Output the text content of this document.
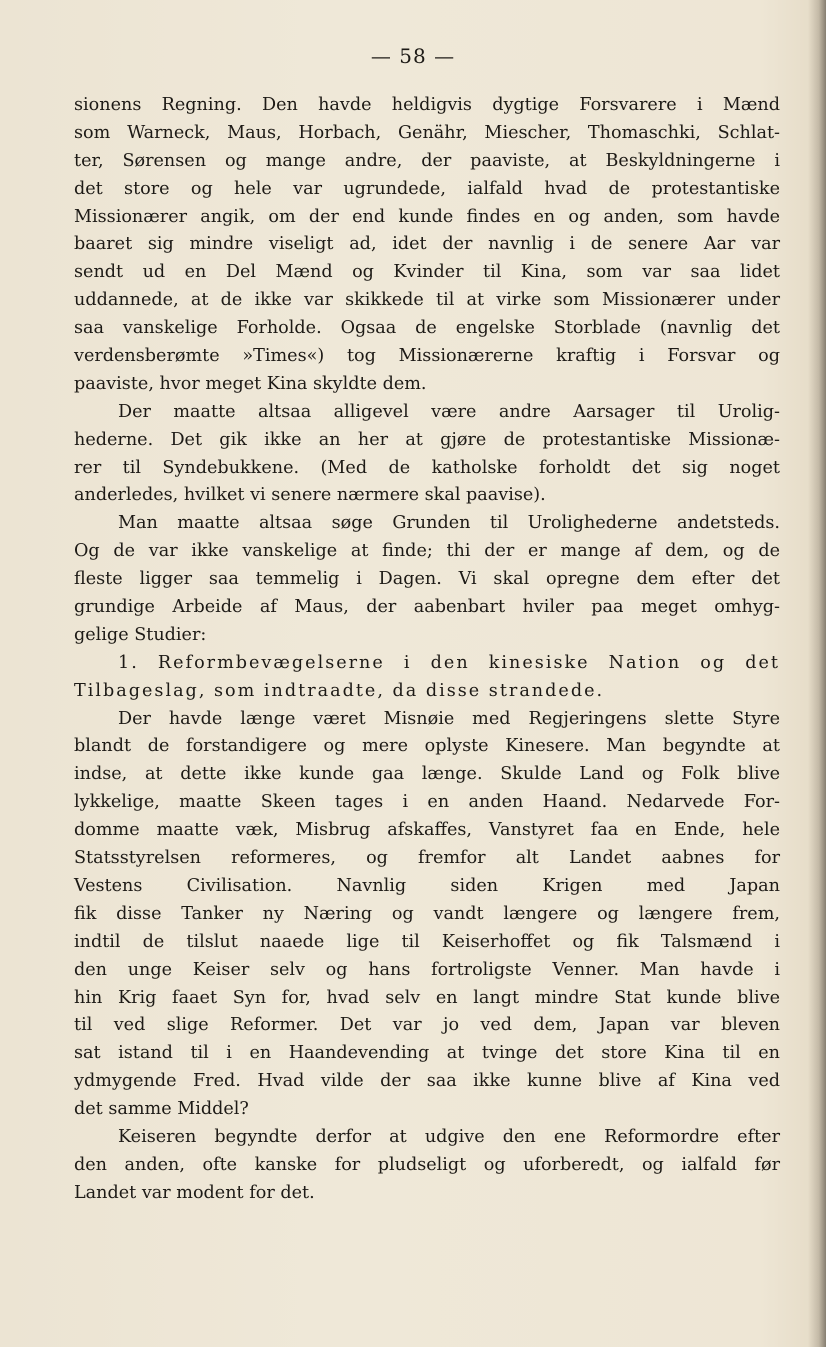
— 58 —
sionens Regning. Den havde heldigvis dygtige Forsvarere i Mænd
som Warneck, Maus, Horbach, Genähr, Miescher, Thomaschki, Schlat-
ter, Sørensen og mange andre, der paaviste, at Beskyldningerne i
det store og hele var ugrundede, ialfald hvad de protestantiske
Missionærer angik, om der end kunde findes en og anden, som havde
baaret sig mindre viseligt ad, idet der navnlig i de senere Aar var
sendt ud en Del Mænd og Kvinder til Kina, som var saa lidet
uddannede, at de ikke var skikkede til at virke som Missionærer under
saa vanskelige Forholde. Ogsaa de engelske Storblade (navnlig det
verdensberømte »Times«) tog Missionærerne kraftig i Forsvar og
paaviste, hvor meget Kina skyldte dem.
Der maatte altsaa alligevel være andre Aarsager til Urolig-
hederne. Det gik ikke an her at gjøre de protestantiske Missionæ-
rer til Syndebukkene. (Med de katholske forholdt det sig noget
anderledes, hvilket vi senere nærmere skal paavise).
Man maatte altsaa søge Grunden til Urolighederne andetsteds.
Og de var ikke vanskelige at finde; thi der er mange af dem, og de
fleste ligger saa temmelig i Dagen. Vi skal opregne dem efter det
grundige Arbeide af Maus, der aabenbart hviler paa meget omhyg-
gelige Studier:
1. Reformbevægelserne i den kinesiske Nation og det
Tilbageslag, som indtraadte, da disse strandede.
Der havde længe været Misnøie med Regjeringens slette Styre
blandt de forstandigere og mere oplyste Kinesere. Man begyndte at
indse, at dette ikke kunde gaa længe. Skulde Land og Folk blive
lykkelige, maatte Skeen tages i en anden Haand. Nedarvede For-
domme maatte væk, Misbrug afskaffes, Vanstyret faa en Ende, hele
Statsstyrelsen reformeres, og fremfor alt Landet aabnes for
Vestens Civilisation. Navnlig siden Krigen med Japan
fik disse Tanker ny Næring og vandt længere og længere frem,
indtil de tilslut naaede lige til Keiserhoffet og fik Talsmænd i
den unge Keiser selv og hans fortroligste Venner. Man havde i
hin Krig faaet Syn for, hvad selv en langt mindre Stat kunde blive
til ved slige Reformer. Det var jo ved dem, Japan var bleven
sat istand til i en Haandevending at tvinge det store Kina til en
ydmygende Fred. Hvad vilde der saa ikke kunne blive af Kina ved
det samme Middel?
Keiseren begyndte derfor at udgive den ene Reformordre efter
den anden, ofte kanske for pludseligt og uforberedt, og ialfald før
Landet var modent for det.
